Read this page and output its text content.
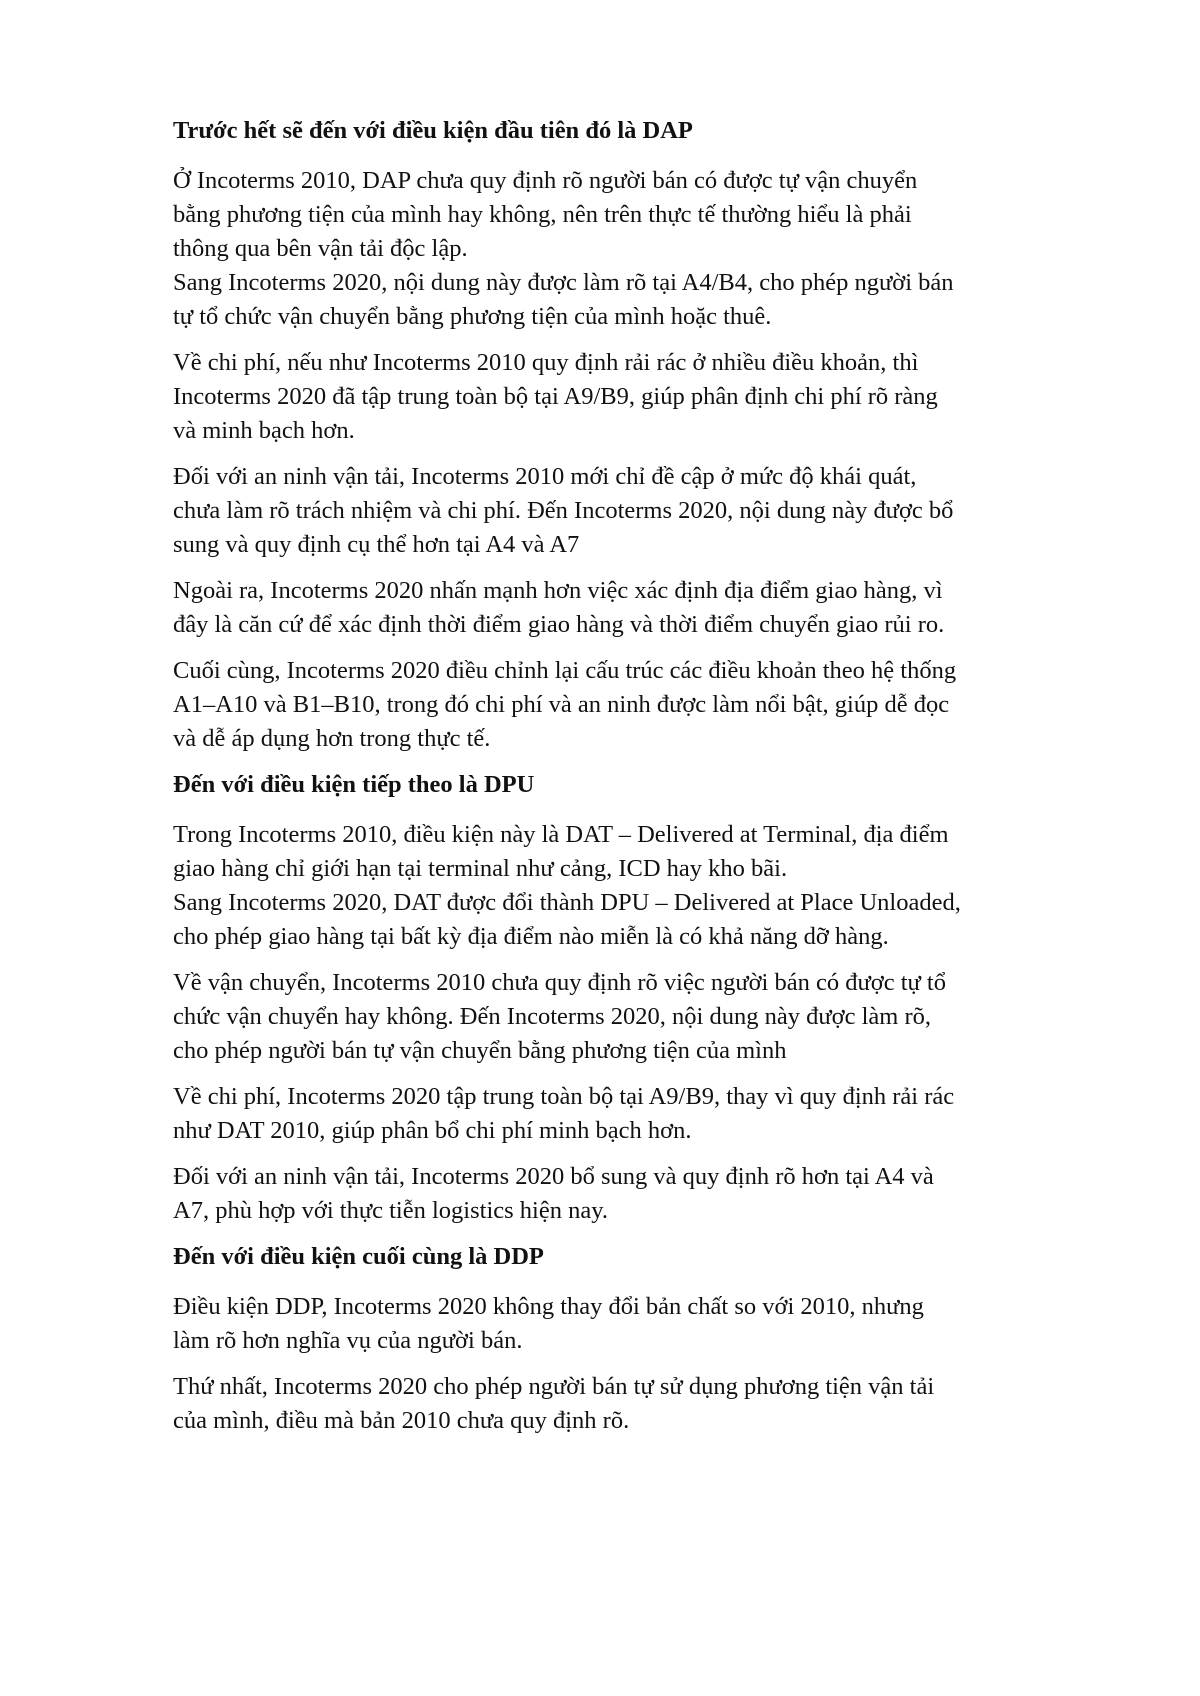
Trước hết sẽ đến với điều kiện đầu tiên đó là DAP

Ở Incoterms 2010, DAP chưa quy định rõ người bán có được tự vận chuyển
bằng phương tiện của mình hay không, nên trên thực tế thường hiểu là phải
thông qua bên vận tải độc lập.
Sang Incoterms 2020, nội dung này được làm rõ tại A4/B4, cho phép người bán
tự tổ chức vận chuyển bằng phương tiện của mình hoặc thuê.

Về chi phí, nếu như Incoterms 2010 quy định rải rác ở nhiều điều khoản, thì
Incoterms 2020 đã tập trung toàn bộ tại A9/B9, giúp phân định chi phí rõ ràng
và minh bạch hơn.

Đối với an ninh vận tải, Incoterms 2010 mới chỉ đề cập ở mức độ khái quát,
chưa làm rõ trách nhiệm và chi phí. Đến Incoterms 2020, nội dung này được bổ
sung và quy định cụ thể hơn tại A4 và A7

Ngoài ra, Incoterms 2020 nhấn mạnh hơn việc xác định địa điểm giao hàng, vì
đây là căn cứ để xác định thời điểm giao hàng và thời điểm chuyển giao rủi ro.

Cuối cùng, Incoterms 2020 điều chỉnh lại cấu trúc các điều khoản theo hệ thống
A1–A10 và B1–B10, trong đó chi phí và an ninh được làm nổi bật, giúp dễ đọc
và dễ áp dụng hơn trong thực tế.

Đến với điều kiện tiếp theo là DPU

Trong Incoterms 2010, điều kiện này là DAT – Delivered at Terminal, địa điểm
giao hàng chỉ giới hạn tại terminal như cảng, ICD hay kho bãi.
Sang Incoterms 2020, DAT được đổi thành DPU – Delivered at Place Unloaded,
cho phép giao hàng tại bất kỳ địa điểm nào miễn là có khả năng dỡ hàng.

Về vận chuyển, Incoterms 2010 chưa quy định rõ việc người bán có được tự tổ
chức vận chuyển hay không. Đến Incoterms 2020, nội dung này được làm rõ,
cho phép người bán tự vận chuyển bằng phương tiện của mình

Về chi phí, Incoterms 2020 tập trung toàn bộ tại A9/B9, thay vì quy định rải rác
như DAT 2010, giúp phân bổ chi phí minh bạch hơn.

Đối với an ninh vận tải, Incoterms 2020 bổ sung và quy định rõ hơn tại A4 và
A7, phù hợp với thực tiễn logistics hiện nay.

Đến với điều kiện cuối cùng là DDP

Điều kiện DDP, Incoterms 2020 không thay đổi bản chất so với 2010, nhưng
làm rõ hơn nghĩa vụ của người bán.

Thứ nhất, Incoterms 2020 cho phép người bán tự sử dụng phương tiện vận tải
của mình, điều mà bản 2010 chưa quy định rõ.
